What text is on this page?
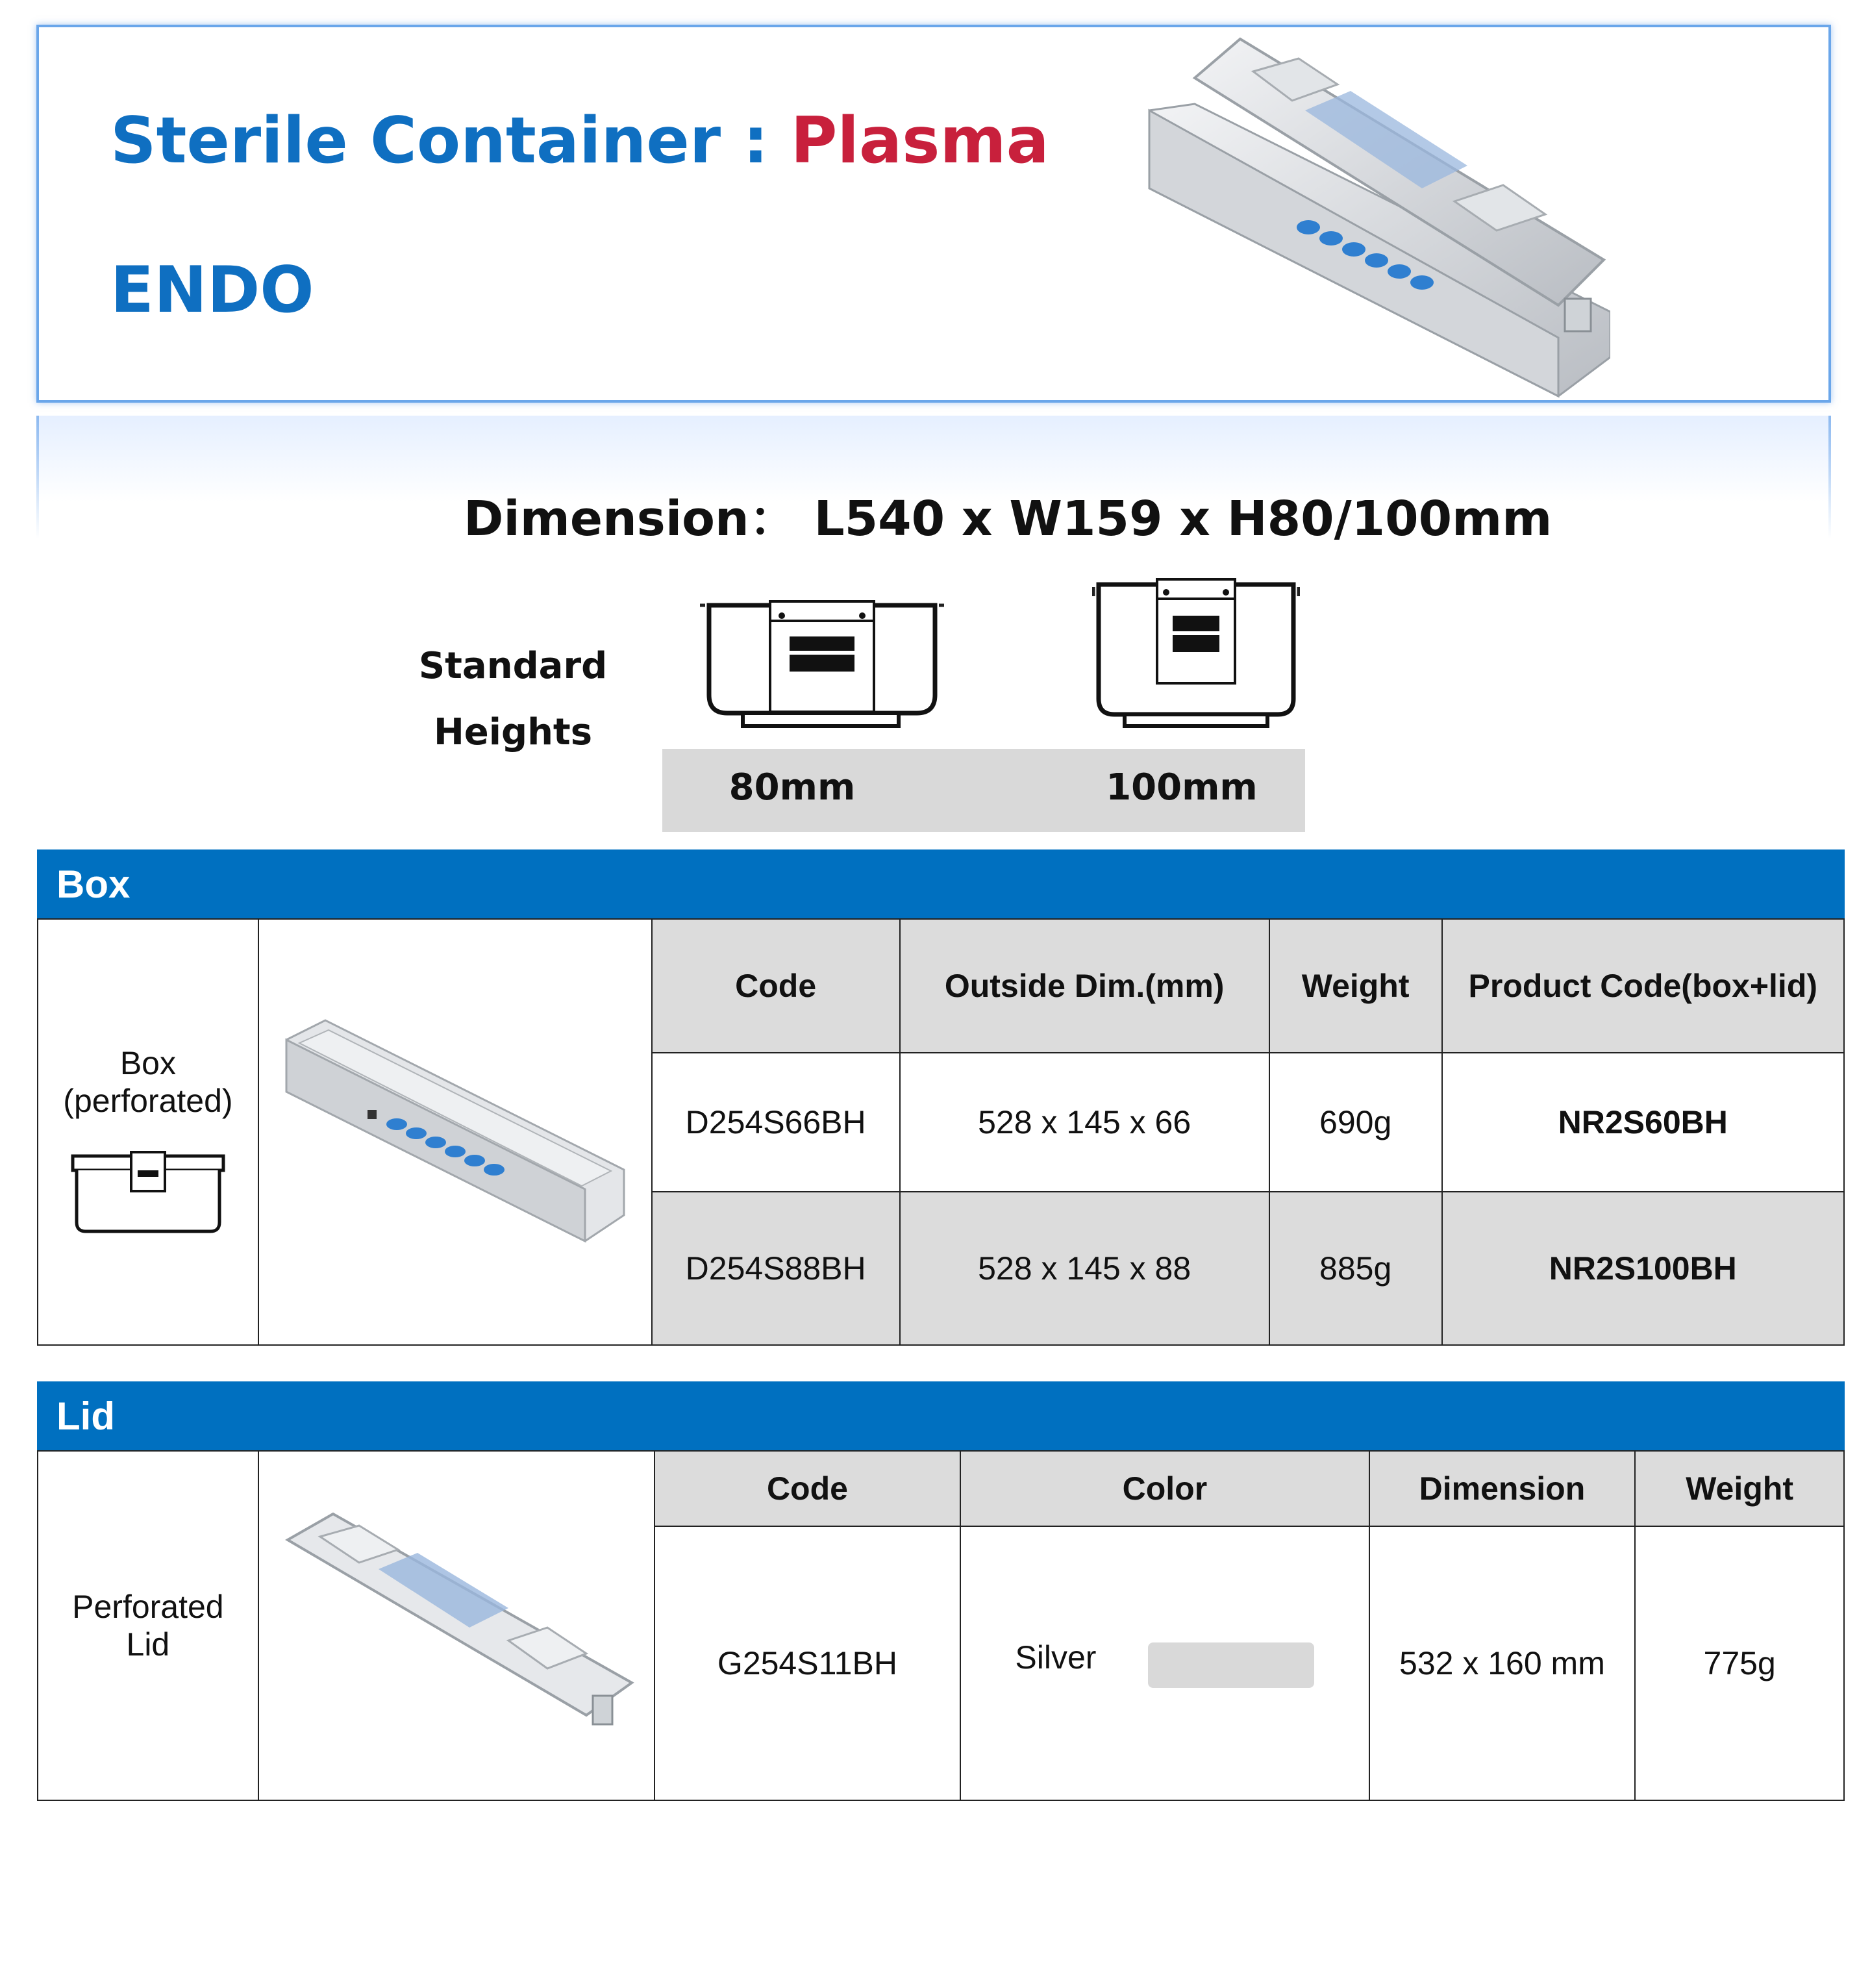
Sterile Container : Plasma
ENDO
Dimension： L540 x W159 x H80/100mm
Standard
Heights
80mm	100mm
Box
Box
(perforated)		Code	Outside Dim.(mm)	Weight	Product Code(box+lid)
		D254S66BH	528 x 145 x 66	690g	NR2S60BH
		D254S88BH	528 x 145 x 88	885g	NR2S100BH
Lid
Perforated
Lid		Code	Color	Dimension	Weight
		G254S11BH	Silver	532 x 160 mm	775g
